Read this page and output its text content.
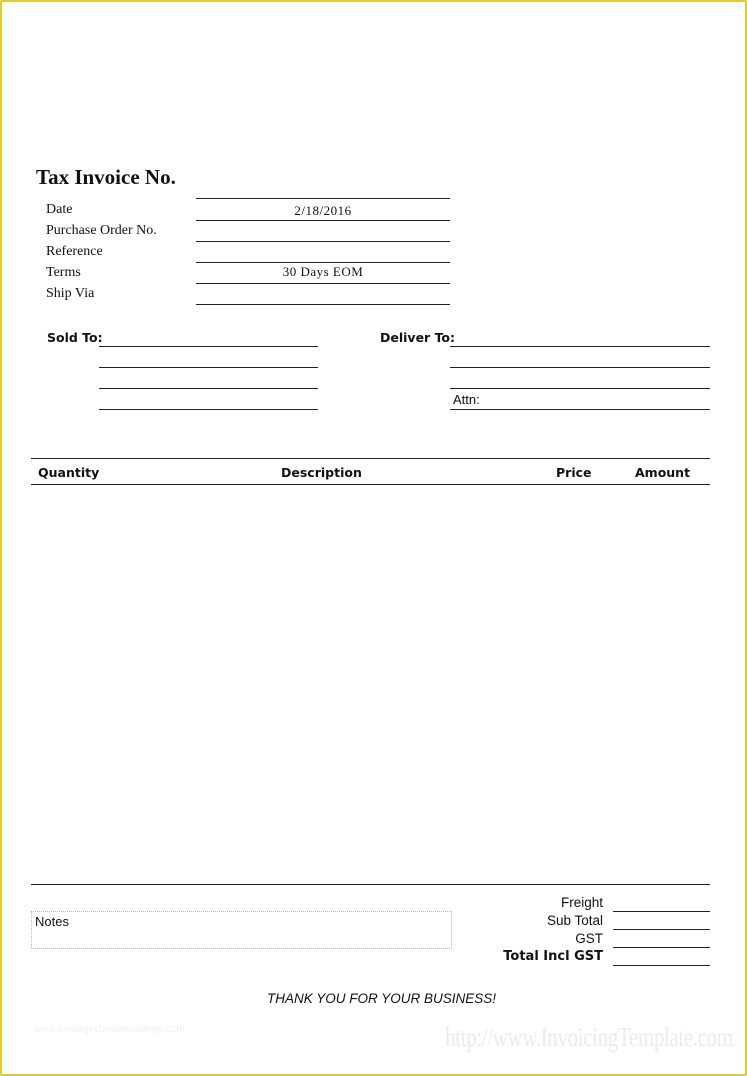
Tax Invoice No.
Date	2/18/2016
Purchase Order No.
Reference
Terms	30 Days EOM
Ship Via
Sold To:	Deliver To:
Attn:
Quantity	Description	Price	Amount
Notes
Freight
Sub Total
GST
Total Incl GST
THANK YOU FOR YOUR BUSINESS!
www.heritagechristiancollege.com	http://www.InvoicingTemplate.com
